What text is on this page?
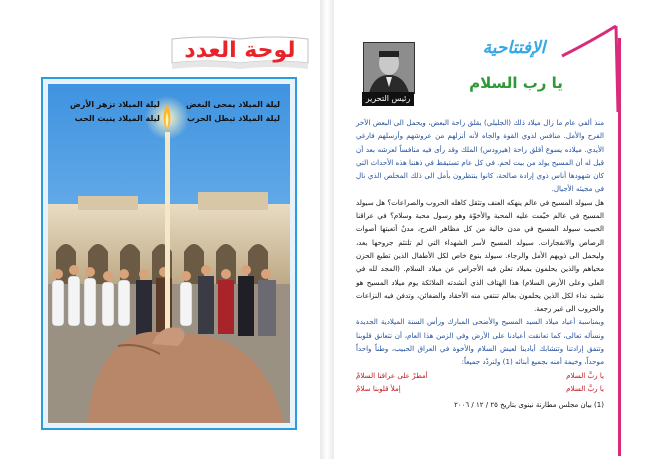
لوحة العدد
ليلة الميلاد يمحى البغض
ليلة الميلاد تبطل الحرب
ليلة الميلاد تزهر الأرض
ليلة الميلاد ينبت الحب
رئيس التحرير
الإفتتاحية
يا رب السلام

منذ ألفي عام ما زال ميلاد ذلك (الجليلي) يقلق راحة البعض، ويحمل الى البعض الآخر الفرح والأمل. منافس لذوي القوة والجاه لأنه أنزلهم من عروشهم وأرسلهم فارغي الأيدي. ميلاده يسوع أقلق راحة (هيرودس) الملك وقد رأى فيه منافساً لعرشه بعد أن قيل له أن المسيح يولد من بيت لحم. في كل عام تستيقظ في ذهننا هذه الأحداث التي كان شهودها أناس ذوي إرادة صالحة، كانوا ينتظرون بأمل الى ذلك المخلص الذي نال في مجيئه الأجيال.

هل سيولد المسيح في عالم ينهكه العنف وتثقل كاهله الحروب والصراعات؟ هل سيولد المسيح في عالم خيّمت عليه المحبة والأخوّة وهو رسول محبة وسلام؟ في عراقنا الحبيب سيولد المسيح في مدن خالية من كل مظاهر الفرح، مدنٌ أتعبتها أصوات الرصاص والانفجارات. سيولد المسيح لأسر الشهداء التي لم تلتئم جروحها بعد، وليحمل الى ذويهم الأمل والرجاء. سيولد بنوع خاص لكل الأطفال الذين تطبع الحزن محياهم والذين يحلمون بميلاد تعلن فيه الأجراس عن ميلاد السلام. (المجد لله في العلى وعلى الأرض السلام) هذا الهتاف الذي أنشدته الملائكة يوم ميلاد المسيح هو نشيد نداء لكل الذين يحلمون بعالم تنتفي منه الأحقاد والضغائن، وتدفن فيه النزاعات والحروب الى غير رجعة.

وبمناسبة أعياد ميلاد السيد المسيح والأضحى المبارك ورأس السنة الميلادية الجديدة ونسأله تعالى، كما تعانقت أعيادنا على الأرض وفي الزمن هذا العام، أن تتعانق قلوبنا وتتفق إرادتنا وتتشابك أيادينا لعيش السلام والأخوة في العراق الحبيب، وطناً واحداً موحداً، وخيمة أمنه بجميع أبنائه (1) ولنردّد جميعاً:

يا ربَّ السلام
أمطرْ على عراقنا السلامْ
يا ربَّ السلام
إملأ قلوبنا سلامْ
(1) بيان مجلس مطارنة نينوى بتاريخ ٢٥ / ١٢ / ٢٠٠٦
